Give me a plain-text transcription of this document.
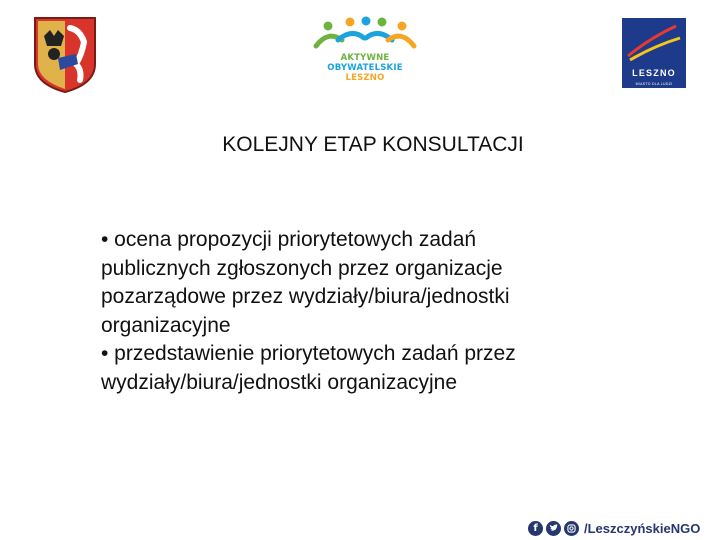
AKTYWNE
OBYWATELSKIE
LESZNO	LESZNO
MIASTO DLA LUDZI
KOLEJNY ETAP KONSULTACJI
• ocena propozycji priorytetowych zadań
publicznych zgłoszonych przez organizacje
pozarządowe przez wydziały/biura/jednostki
organizacyjne
• przedstawienie priorytetowych zadań przez
wydziały/biura/jednostki organizacyjne
f	/LeszczyńskieNGO
